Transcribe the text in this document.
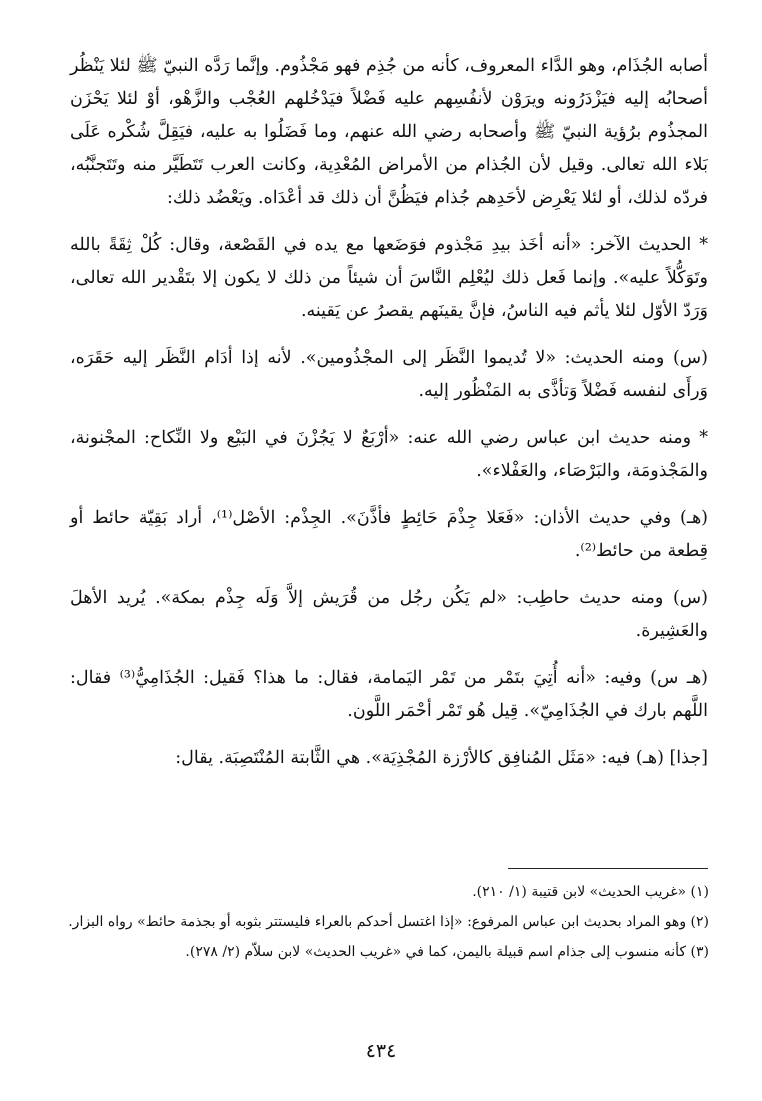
أصابه الجُذَام، وهو الدَّاء المعروف، كأنه من جُذِم فهو مَجْذُوم. وإنَّما رَدَّه النبيّ ﷺ لئلا يَنْظُر أصحابُه إليه فيَزْدَرُونه ويرَوْن لأنفُسِهم عليه فَضْلاً فيَدْخُلهم العُجْب والزَّهْو، أوْ لئلا يَحْزَن المجذُوم برُؤية النبيّ ﷺ وأصحابه رضي الله عنهم، وما فَضَلُوا به عليه، فيَقِلَّ شُكْره عَلَى بَلاء الله تعالى. وقيل لأن الجُذام من الأمراض المُعْدِية، وكانت العرب تَتَطَيَّر منه وتَتَجنَّبُه، فردّه لذلك، أو لئلا يَعْرِض لأحَدِهم جُذام فيَظُنَّ أن ذلك قد أعْدَاه. ويَعْضُد ذلك:

* الحديث الآخر: «أنه أخَذ بيدِ مَجْذوم فوَضَعها مع يده في القَصْعة، وقال: كُلْ ثِقَةً بالله وتَوَكُّلاً عليه». وإنما فَعل ذلك ليُعْلِم النَّاسَ أن شيئاً من ذلك لا يكون إلا بتَقْدير الله تعالى، وَرَدّ الأوّل لئلا يأثم فيه الناسُ، فإنَّ يقينَهم يقصرُ عن يَقينه.

(س) ومنه الحديث: «لا تُديموا النَّظَر إلى المجْذُومين». لأنه إذا أدَام النَّظَر إليه حَقَرَه، وَرأَى لنفسه فَضْلاً وَتأذَّى به المَنْظُور إليه.

* ومنه حديث ابن عباس رضي الله عنه: «أرْبَعٌ لا يَجُزْنَ في البَيْع ولا النِّكاح: المجْنونة، والمَجْذومَة، والبَرْصَاء، والعَفْلاء».

(هـ) وفي حديث الأذان: «فَعَلا جِذْمَ حَائِطٍ فأذَّنَ». الجِذْم: الأصْل⁽¹⁾، أراد بَقِيّة حائط أو قِطعة من حائط⁽²⁾.

(س) ومنه حديث حاطِب: «لم يَكُن رجُل من قُرَيش إلاَّ وَلَه جِذْم بمكة». يُريد الأهلَ والعَشِيرة.

(هـ س) وفيه: «أنه أُتِيَ بتَمْر من تَمْر اليَمامة، فقال: ما هذا؟ فَقيل: الجُذَامِيُّ⁽³⁾ فقال: اللَّهم بارك في الجُذَامِيّ». قِيل هُو تَمْر أحْمَر اللَّون.

[جذا] (هـ) فيه: «مَثَل المُنافِق كالأرْزة المُجْذِيَة». هي الثَّابتة المُنْتَصِبَة. يقال:

(١) «غريب الحديث» لابن قتيبة (١/ ٢١٠).

(٢) وهو المراد بحديث ابن عباس المرفوع: «إذا اغتسل أحدكم بالعراء فليستتر بثوبه أو بجذمة حائط» رواه البزار.

(٣) كأنه منسوب إلى جذام اسم قبيلة باليمن، كما في «غريب الحديث» لابن سلاّم (٢/ ٢٧٨).

٤٣٤
